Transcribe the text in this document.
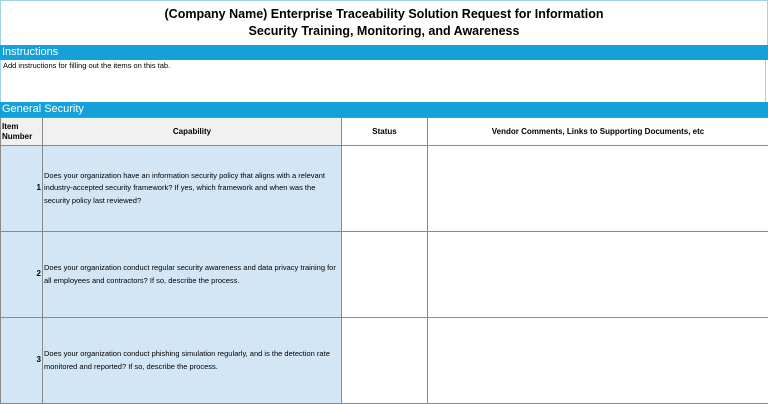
(Company Name) Enterprise Traceability Solution Request for Information
Security Training, Monitoring, and Awareness
Instructions
Add instructions for filling out the items on this tab.
General Security
Item
Number	Capability	Status	Vendor Comments, Links to Supporting Documents, etc
1	Does your organization have an information security policy that aligns with a relevant industry-accepted security framework? If yes, which framework and when was the security policy last reviewed?		
2	Does your organization conduct regular security awareness and data privacy training for all employees and contractors? If so, describe the process.		
3	Does your organization conduct phishing simulation regularly, and is the detection rate monitored and reported? If so, describe the process.		
